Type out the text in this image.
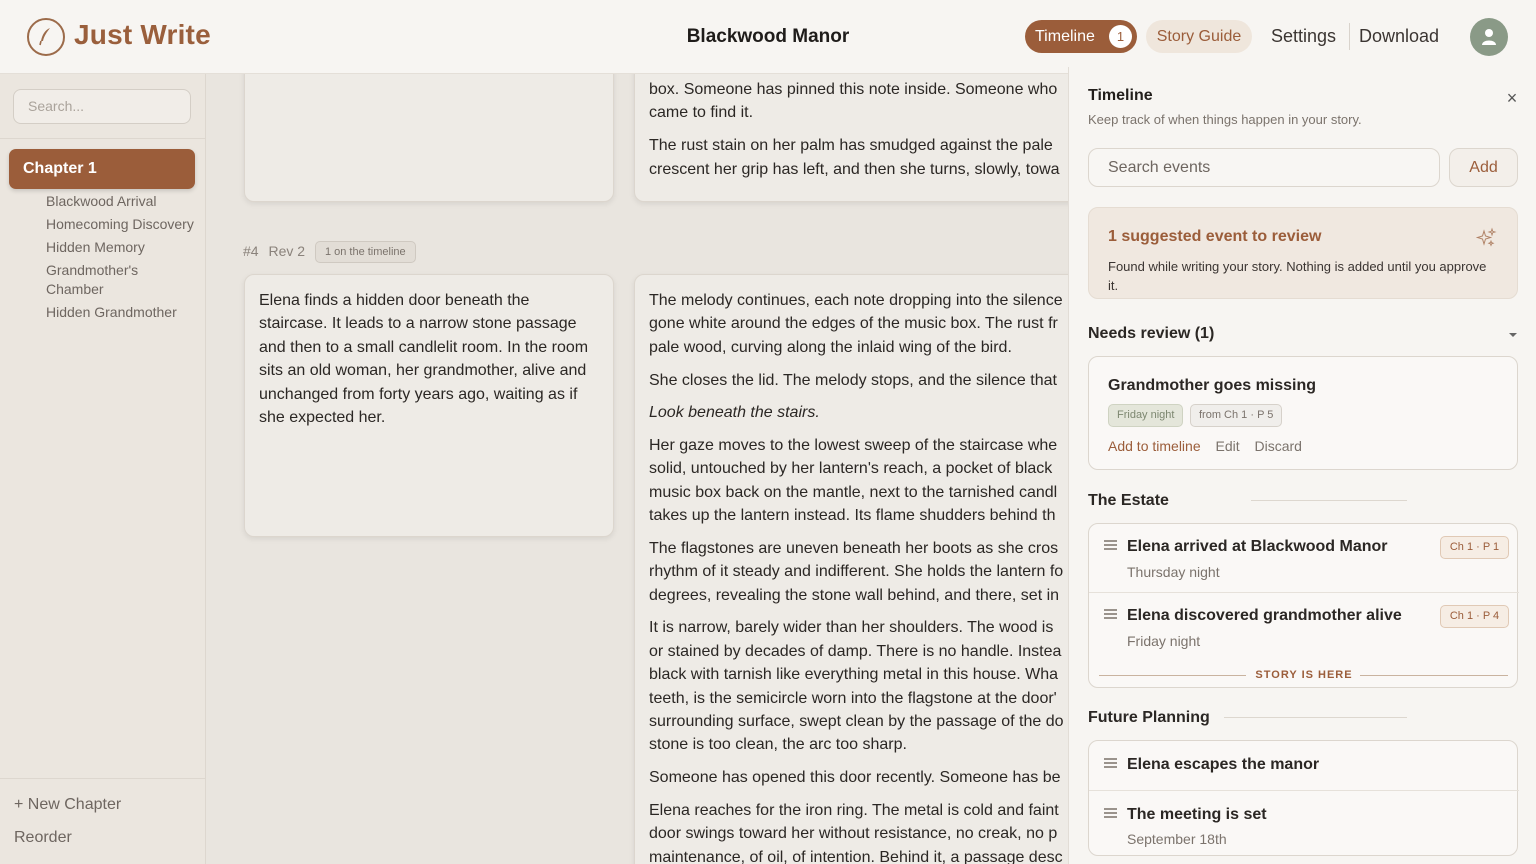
Just Write	Blackwood Manor	Timeline	1	Story Guide	Settings Download
Search...
Chapter 1
Blackwood Arrival
Homecoming Discovery
Hidden Memory
Grandmother's Chamber
Hidden Grandmother
+ New Chapter
Reorder
box. Someone has pinned this note inside. Someone who
came to find it.
The rust stain on her palm has smudged against the pale
crescent her grip has left, and then she turns, slowly, towa
#4 Rev 2 1 on the timeline
Elena finds a hidden door beneath the staircase. It leads to a narrow stone passage and then to a small candlelit room. In the room sits an old woman, her grandmother, alive and unchanged from forty years ago, waiting as if she expected her.

The melody continues, each note dropping into the silence
gone white around the edges of the music box. The rust fr
pale wood, curving along the inlaid wing of the bird.

She closes the lid. The melody stops, and the silence that

Look beneath the stairs.

Her gaze moves to the lowest sweep of the staircase whe
solid, untouched by her lantern's reach, a pocket of black
music box back on the mantle, next to the tarnished candl
takes up the lantern instead. Its flame shudders behind th

The flagstones are uneven beneath her boots as she cros
rhythm of it steady and indifferent. She holds the lantern fo
degrees, revealing the stone wall behind, and there, set in

It is narrow, barely wider than her shoulders. The wood is
or stained by decades of damp. There is no handle. Instea
black with tarnish like everything metal in this house. Wha
teeth, is the semicircle worn into the flagstone at the door'
surrounding surface, swept clean by the passage of the do
stone is too clean, the arc too sharp.

Someone has opened this door recently. Someone has be

Elena reaches for the iron ring. The metal is cold and faint
door swings toward her without resistance, no creak, no p
maintenance, of oil, of intention. Behind it, a passage desc

Timeline
Keep track of when things happen in your story.
×
Search events	Add
1 suggested event to review
Found while writing your story. Nothing is added until you approve it.
Needs review (1)
Grandmother goes missing
Friday night	from Ch 1 · P 5
Add to timeline Edit Discard
The Estate
Elena arrived at Blackwood Manor
Thursday night
Ch 1 · P 1
Elena discovered grandmother alive
Friday night
Ch 1 · P 4
STORY IS HERE
Future Planning
Elena escapes the manor
The meeting is set
September 18th
